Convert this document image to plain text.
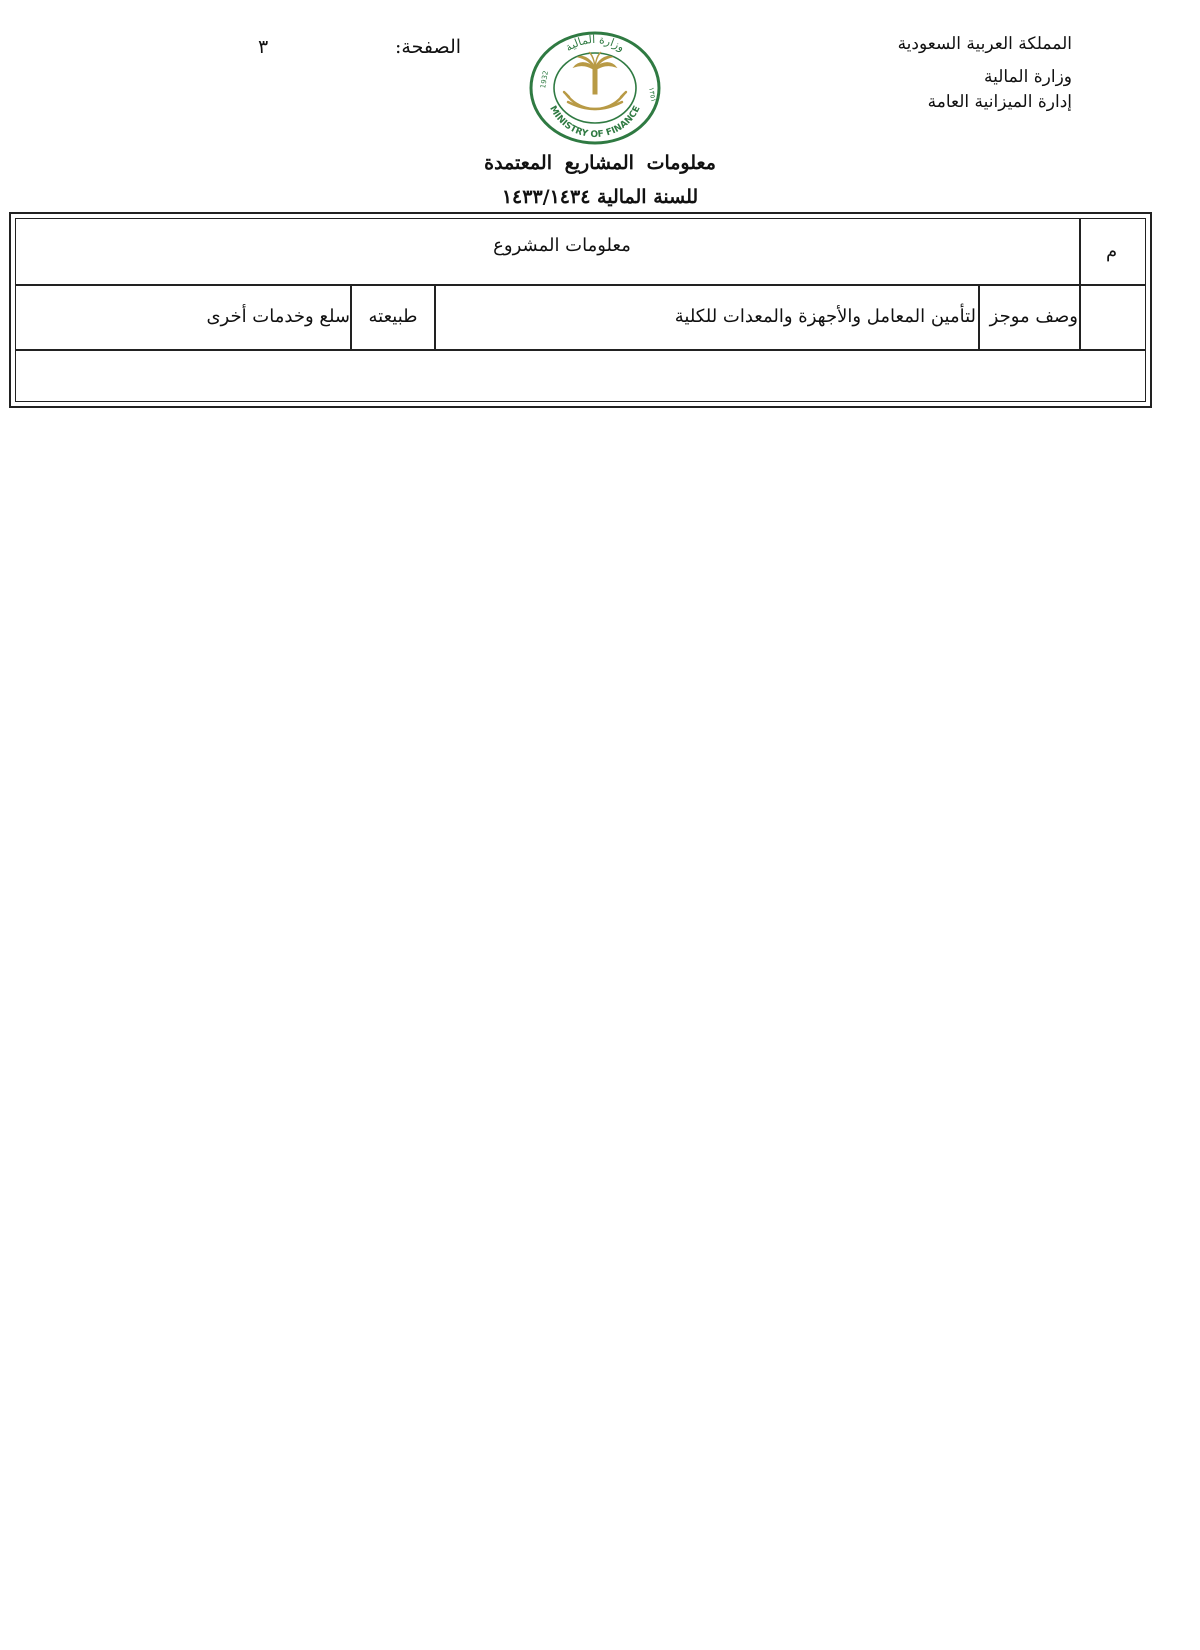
المملكة العربية السعودية
وزارة المالية
إدارة الميزانية العامة
الصفحة:
٣	وزارة المالية
MINISTRY OF FINANCE
1932
١٣٥١
معلومات المشاريع المعتمدة
للسنة المالية ١٤٣٣/١٤٣٤
م
معلومات المشروع
وصف موجز
لتأمين المعامل والأجهزة والمعدات للكلية
طبيعته
سلع وخدمات أخرى
